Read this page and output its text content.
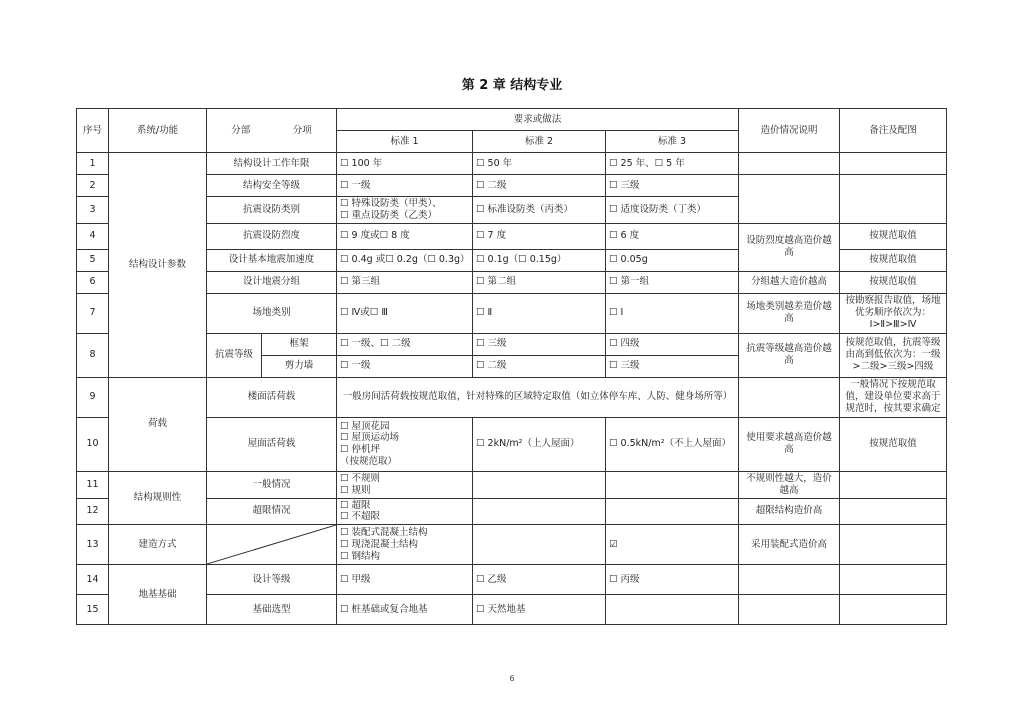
第 2 章 结构专业
序号	系统/功能	分部 分项		要求或做法			造价情况说明	备注及配图
				标准 1	标准 2	标准 3		
1	结构设计参数	结构设计工作年限		☐ 100 年	☐ 50 年	☐ 25 年、☐ 5 年		
2		结构安全等级		☐ 一级	☐ 二级	☐ 三级		
3		抗震设防类别		☐ 特殊设防类（甲类）、
☐ 重点设防类（乙类）	☐ 标准设防类（丙类）	☐ 适度设防类（丁类）		
4		抗震设防烈度		☐ 9 度或☐ 8 度	☐ 7 度	☐ 6 度	设防烈度越高造价越高	按规范取值
5		设计基本地震加速度		☐ 0.4g 或☐ 0.2g（☐ 0.3g）	☐ 0.1g（☐ 0.15g）	☐ 0.05g		按规范取值
6		设计地震分组		☐ 第三组	☐ 第二组	☐ 第一组	分组越大造价越高	按规范取值
7		场地类别		☐ Ⅳ或☐ Ⅲ	☐ Ⅱ	☐ Ⅰ	场地类别越差造价越高	按勘察报告取值，场地优劣顺序依次为：Ⅰ>Ⅱ>Ⅲ>Ⅳ
8		抗震等级	框架	☐ 一级、☐ 二级	☐ 三级	☐ 四级	抗震等级越高造价越高	按规范取值，抗震等级由高到低依次为：一级>二级>三级>四级
			剪力墙	☐ 一级	☐ 二级	☐ 三级		
9	荷载	楼面活荷载		一般房间活荷载按规范取值，针对特殊的区域特定取值（如立体停车库、人防、健身场所等）				一般情况下按规范取值，建设单位要求高于规范时，按其要求确定
10		屋面活荷载		☐ 屋顶花园
☐ 屋顶运动场
☐ 停机坪
（按规范取）	☐ 2kN/m²（上人屋面）	☐ 0.5kN/m²（不上人屋面）	使用要求越高造价越高	按规范取值
11	结构规则性	一般情况		☐ 不规则
☐ 规则			不规则性越大，造价越高	
12		超限情况		☐ 超限
☐ 不超限			超限结构造价高	
13	建造方式			☐ 装配式混凝土结构
☐ 现浇混凝土结构
☐ 钢结构		☑	采用装配式造价高	
14	地基基础	设计等级		☐ 甲级	☐ 乙级	☐ 丙级		
15		基础选型		☐ 桩基础或复合地基	☐ 天然地基			
6
